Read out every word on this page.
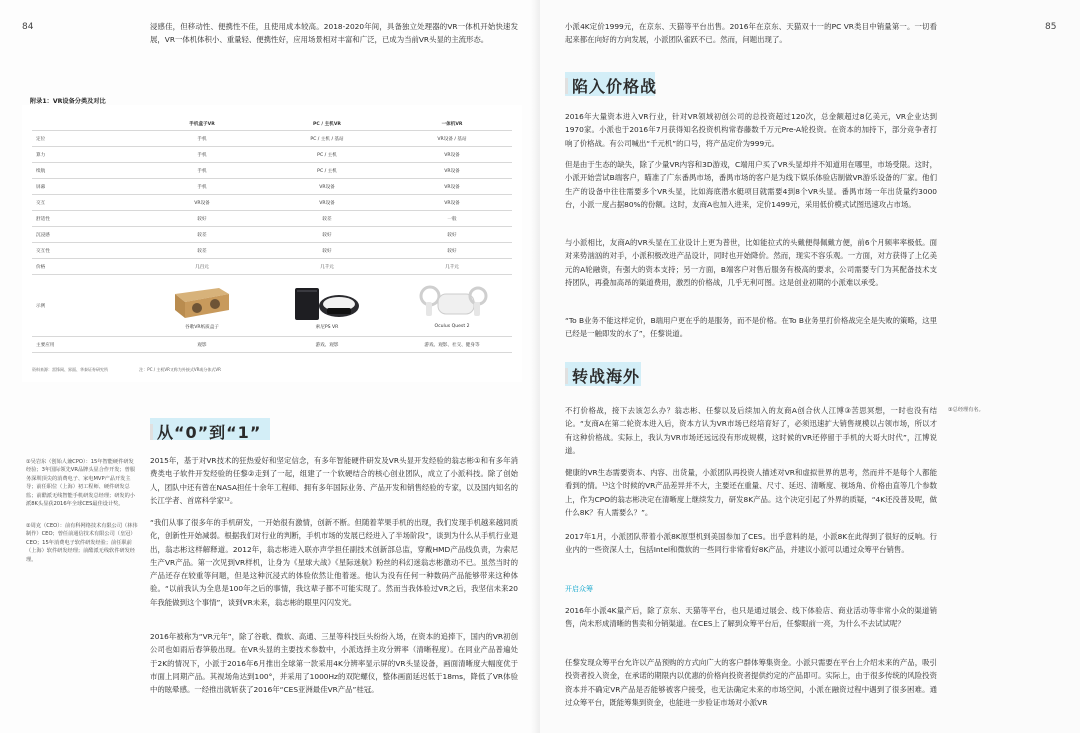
84	浸感佳，但移动性、便携性不佳，且使用成本较高。2018-2020年间，具备独立处理器的VR一体机开始快速发展，VR一体机体积小、重量轻、便携性好，应用场景相对丰富和广泛，已成为当前VR头显的主流形态。
附录1：VR设备分类及对比
	手机盒子VR	PC / 主机VR	一体机VR
定位	手机	PC / 主机 / 基站	VR设备 / 基站
算力	手机	PC / 主机	VR设备
续航	手机	PC / 主机	VR设备
屏幕	手机	VR设备	VR设备
交互	VR设备	VR设备	VR设备
舒适性	较好	较差	一般
沉浸感	较差	较好	较好
交互性	较差	较好	较好
价格	几百元	几千元	几千元
示例	谷歌VR纸质盒子	索尼PS VR	Oculus Quest 2

主要应用	观影	游戏、观影	游戏、观影、社交、健身等
资料来源：雷锋网、界面、华泰证券研究所	注：PC / 主机VR又称为外接式VR或分体式VR
从“0”到“1”
①吴岩东（创始人兼CPO）：15年智能硬件研发经验；3年国际领先VR品牌头显合作开发；曾服务深圳顶尖的消费电子、家电MVP产品开发主导；前任职位（上海）初工程师、硬件研发总监；前酷派无线智能手机研发总经理；研发的小派8K头显获2016年全球CES最佳设计奖。
②周克（CEO）：前有科网络技术有限公司（林伟制作）CEO；曾任前通信技术有限公司（皇冠）CEO；15年消费电子软件研发经验；前任职前（上海）软件研发经理；前酷派无线软件研发经理。
2015年，基于对VR技术的狂热爱好和坚定信念，有多年智能硬件研发及VR头显开发经验的翁志彬①和有多年消费类电子软件开发经验的任黎②走到了一起，组建了一个软硬结合的核心创业团队，成立了小派科技。除了创始人，团队中还有曾在NASA担任十余年工程师、拥有多年国际业务、产品开发和销售经验的专家，以及国内知名的长江学者、首席科学家¹²。
“我们从事了很多年的手机研发，一开始很有激情，创新不断。但随着苹果手机的出现，我们发现手机越来越同质化，创新性开始减弱。根据我们对行业的判断，手机市场的发展已经进入了半场阶段”，谈到为什么从手机行业退出，翁志彬这样解释道。2012年，翁志彬进入联亦声学担任副技术创新部总监，穿戴HMD产品线负责，为索尼生产VR产品。第一次见到VR样机，让身为《星球大战》《星际迷航》粉丝的科幻迷翁志彬激动不已。虽然当时的产品还存在较重等问题，但是这种沉浸式的体验依然让他着迷。他认为没有任何一种数码产品能够带来这种体验。“以前我认为全息是100年之后的事情，我这辈子都不可能实现了。然而当我体验过VR之后，我坚信未来20年我能做到这个事情”，谈到VR未来，翁志彬的眼里闪闪发光。
2016年被称为“VR元年”，除了谷歌、微软、高通、三星等科技巨头纷纷入场，在资本的追捧下，国内的VR初创公司也如雨后春笋般出现。在VR头显的主要技术参数中，小派选择主攻分辨率（清晰程度）。在同业产品普遍处于2K的情况下，小派于2016年6月推出全球第一款采用4K分辨率显示屏的VR头显设备，画面清晰度大幅度优于市面上同期产品。其视场角达到100°，并采用了1000Hz的双陀螺仪，整体画面延迟低于18ms，降低了VR体验中的眩晕感。一经推出就斩获了2016年“CES亚洲最佳VR产品”桂冠。
85
小派4K定价1999元，在京东、天猫等平台出售。2016年在京东、天猫双十一的PC VR类目中销量第一。一切看起来都在向好的方向发展，小派团队雀跃不已。然而，问题出现了。
陷入价格战
2016年大量资本进入VR行业，针对VR领域初创公司的总投资超过120次，总金额超过8亿美元，VR企业达到1970家。小派也于2016年7月获得知名投资机构常春藤数千万元Pre-A轮投资。在资本的加持下，部分竞争者打响了价格战。有公司喊出“千元机”的口号，将产品定价为999元。
但是由于生态的缺失，除了少量VR内容和3D游戏，C端用户买了VR头显却并不知道用在哪里，市场受限。这时，小派开始尝试B端客户，瞄准了广东番禺市场，番禺市场的客户是为线下娱乐体验店制做VR游乐设备的厂家。他们生产的设备中往往需要多个VR头显，比如海底潜水艇项目就需要4到8个VR头显。番禺市场一年出货量约3000台，小派一度占据80%的份额。这时，友商A也加入进来，定价1499元，采用低价模式试图迅速攻占市场。
与小派相比，友商A的VR头显在工业设计上更为普世，比如能拉式的头戴便得佩戴方便，前6个月频率率极低。面对来势汹汹的对手，小派积极改进产品设计，同时也开始降价。然而，现实不容乐观。一方面，对方获得了上亿美元的A轮融资，有强大的资本支持；另一方面，B端客户对售后服务有极高的要求，公司需要专门为其配备技术支持团队，再叠加高昂的渠道费用，激烈的价格战，几乎无利可图。这是创业初期的小派难以承受。
“To B业务不能这样定价，B端用户更在乎的是服务，而不是价格。在To B业务里打价格战完全是失败的策略，这里已经是一触即发的水了”，任黎说道。
转战海外
③总经理有名。
不打价格战，接下去该怎么办？翁志彬、任黎以及后续加入的友商A创合伙人江博③苦思冥想，一时也没有结论。“友商A在第二轮资本进入后，资本方认为VR市场已经培育好了，必须迅速扩大销售规模以占领市场，所以才有这种价格战。实际上，我认为VR市场还远远没有形成规模，这时候的VR还停留于手机的大哥大时代”，江博说道。
健康的VR生态需要资本、内容、出货量，小派团队再投资人描述对VR和虚拟世界的思考，然而并不是每个人都能看到的情。¹³这个时候的VR产品差异并不大，主要还在重量、尺寸、延迟、清晰度、视场角、价格由直等几个参数上，作为CPO的翁志彬决定在清晰度上继续发力，研发8K产品。这个决定引起了外界的质疑，“4K还没普及呢，做什么8K？有人需要么？”。
2017年1月，小派团队带着小派8K原型机到美国参加了CES。出乎意料的是，小派8K在此得到了很好的反响。行业内的一些资深人士，包括Intel和微软的一些同行非常看好8K产品，并建议小派可以通过众筹平台销售。
开启众筹
2016年小派4K量产后，除了京东、天猫等平台，也只是通过展会、线下体验店、商业活动等非常小众的渠道销售，尚未形成清晰的售卖和分销渠道。在CES上了解到众筹平台后，任黎眼前一亮，为什么不去试试呢？
任黎发现众筹平台允许以产品预购的方式向广大的客户群体筹集资金。小派只需要在平台上介绍未来的产品，吸引投资者投入资金，在承诺的期限内以优惠的价格向投资者提供约定的产品即可。实际上，由于很多传统的风险投资资本并不确定VR产品是否能够被客户接受，也无法确定未来的市场空间，小派在融资过程中遇到了很多困难。通过众筹平台，既能筹集到资金，也能进一步验证市场对小派VR
